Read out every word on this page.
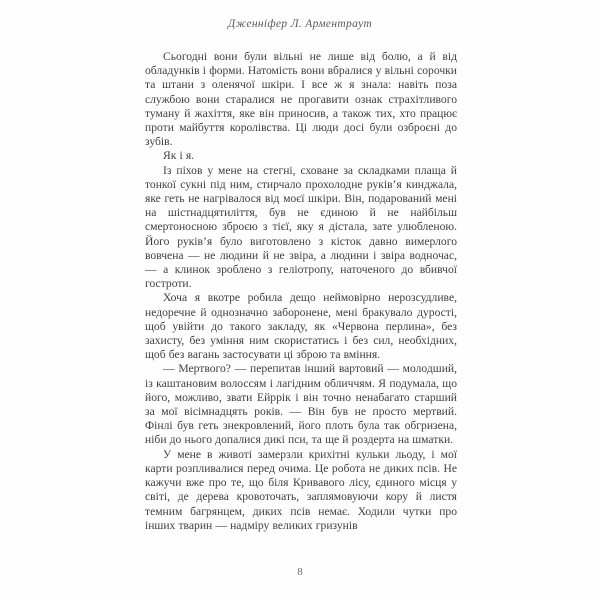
Дженніфер Л. Арментраут

Сьогодні вони були вільні не лише від болю, а й від обладунків і форми. Натомість вони вбралися у вільні сорочки та штани з оленячої шкіри. І все ж я знала: навіть поза службою вони старалися не прогавити ознак страхітливого туману й жахіття, яке він приносив, а також тих, хто працює проти майбуття королівства. Ці люди досі були озброєні до зубів.

Як і я.

Із піхов у мене на стегні, сховане за складками плаща й тонкої сукні під ним, стирчало прохолодне руків’я кинджала, яке геть не нагрівалося від моєї шкіри. Він, подарований мені на шістнадцятиліття, був не єдиною й не найбільш смертоносною зброєю з тієї, яку я дістала, зате улюбленою. Його руків’я було виготовлено з кісток давно вимерлого вовчена — не людини й не звіра, а людини і звіра водночас, — а клинок зроблено з геліотропу, наточеного до вбивчої гостроти.

Хоча я вкотре робила дещо неймовірно нерозсудливе, недоречне й однозначно заборонене, мені бракувало дурості, щоб увійти до такого закладу, як «Червона перлина», без захисту, без уміння ним скористатись і без сил, необхідних, щоб без вагань застосувати ці зброю та вміння.

— Мертвого? — перепитав інший вартовий — молодший, із каштановим волоссям і лагідним обличчям. Я подумала, що його, можливо, звати Ейррік і він точно ненабагато старший за мої вісімнадцять років. — Він був не просто мертвий. Фінлі був геть знекровлений, його плоть була так обгризена, ніби до нього допалися дикі пси, та ще й роздерта на шматки.

У мене в животі замерзли крихітні кульки льоду, і мої карти розпливалися перед очима. Це робота не диких псів. Не кажучи вже про те, що біля Кривавого лісу, єдиного місця у світі, де дерева кровоточать, заплямовуючи кору й листя темним багрянцем, диких псів немає. Ходили чутки про інших тварин — надміру великих гризунів

8
